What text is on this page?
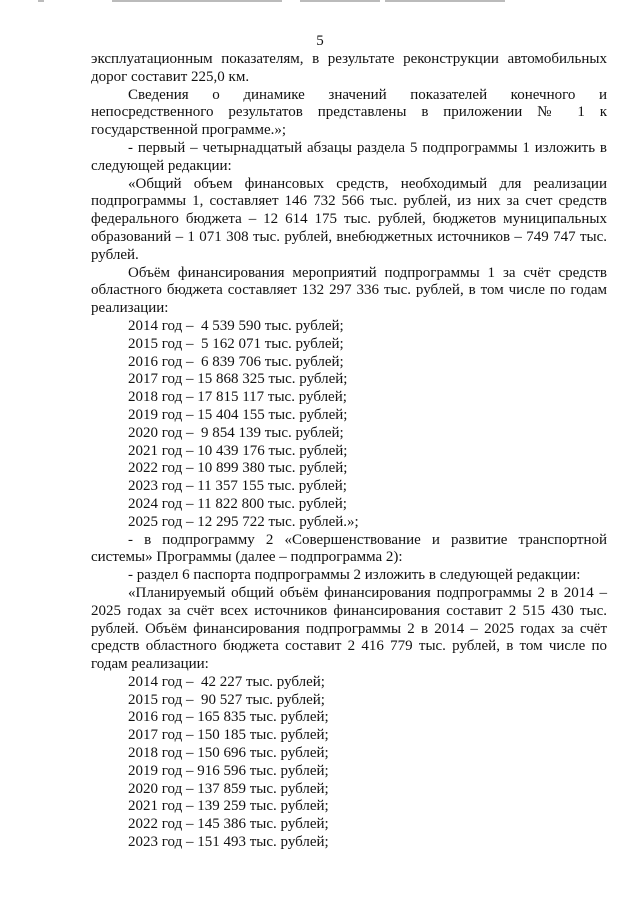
5

эксплуатационным показателям, в результате реконструкции автомобильных дорог составит 225,0 км.

Сведения о динамике значений показателей конечного и непосредственного результатов представлены в приложении № 1 к государственной программе.»;

- первый – четырнадцатый абзацы раздела 5 подпрограммы 1 изложить в следующей редакции:

«Общий объем финансовых средств, необходимый для реализации подпрограммы 1, составляет 146 732 566 тыс. рублей, из них за счет средств федерального бюджета – 12 614 175 тыс. рублей, бюджетов муниципальных образований – 1 071 308 тыс. рублей, внебюджетных источников – 749 747 тыс. рублей.

Объём финансирования мероприятий подпрограммы 1 за счёт средств областного бюджета составляет 132 297 336 тыс. рублей, в том числе по годам реализации:

2014 год –  4 539 590 тыс. рублей;
2015 год –  5 162 071 тыс. рублей;
2016 год –  6 839 706 тыс. рублей;
2017 год – 15 868 325 тыс. рублей;
2018 год – 17 815 117 тыс. рублей;
2019 год – 15 404 155 тыс. рублей;
2020 год –  9 854 139 тыс. рублей;
2021 год – 10 439 176 тыс. рублей;
2022 год – 10 899 380 тыс. рублей;
2023 год – 11 357 155 тыс. рублей;
2024 год – 11 822 800 тыс. рублей;
2025 год – 12 295 722 тыс. рублей.»;

- в подпрограмму 2 «Совершенствование и развитие транспортной системы» Программы (далее – подпрограмма 2):

- раздел 6 паспорта подпрограммы 2 изложить в следующей редакции:

«Планируемый общий объём финансирования подпрограммы 2 в 2014 – 2025 годах за счёт всех источников финансирования составит 2 515 430 тыс. рублей. Объём финансирования подпрограммы 2 в 2014 – 2025 годах за счёт средств областного бюджета составит 2 416 779 тыс. рублей, в том числе по годам реализации:

2014 год –  42 227 тыс. рублей;
2015 год –  90 527 тыс. рублей;
2016 год – 165 835 тыс. рублей;
2017 год – 150 185 тыс. рублей;
2018 год – 150 696 тыс. рублей;
2019 год – 916 596 тыс. рублей;
2020 год – 137 859 тыс. рублей;
2021 год – 139 259 тыс. рублей;
2022 год – 145 386 тыс. рублей;
2023 год – 151 493 тыс. рублей;
